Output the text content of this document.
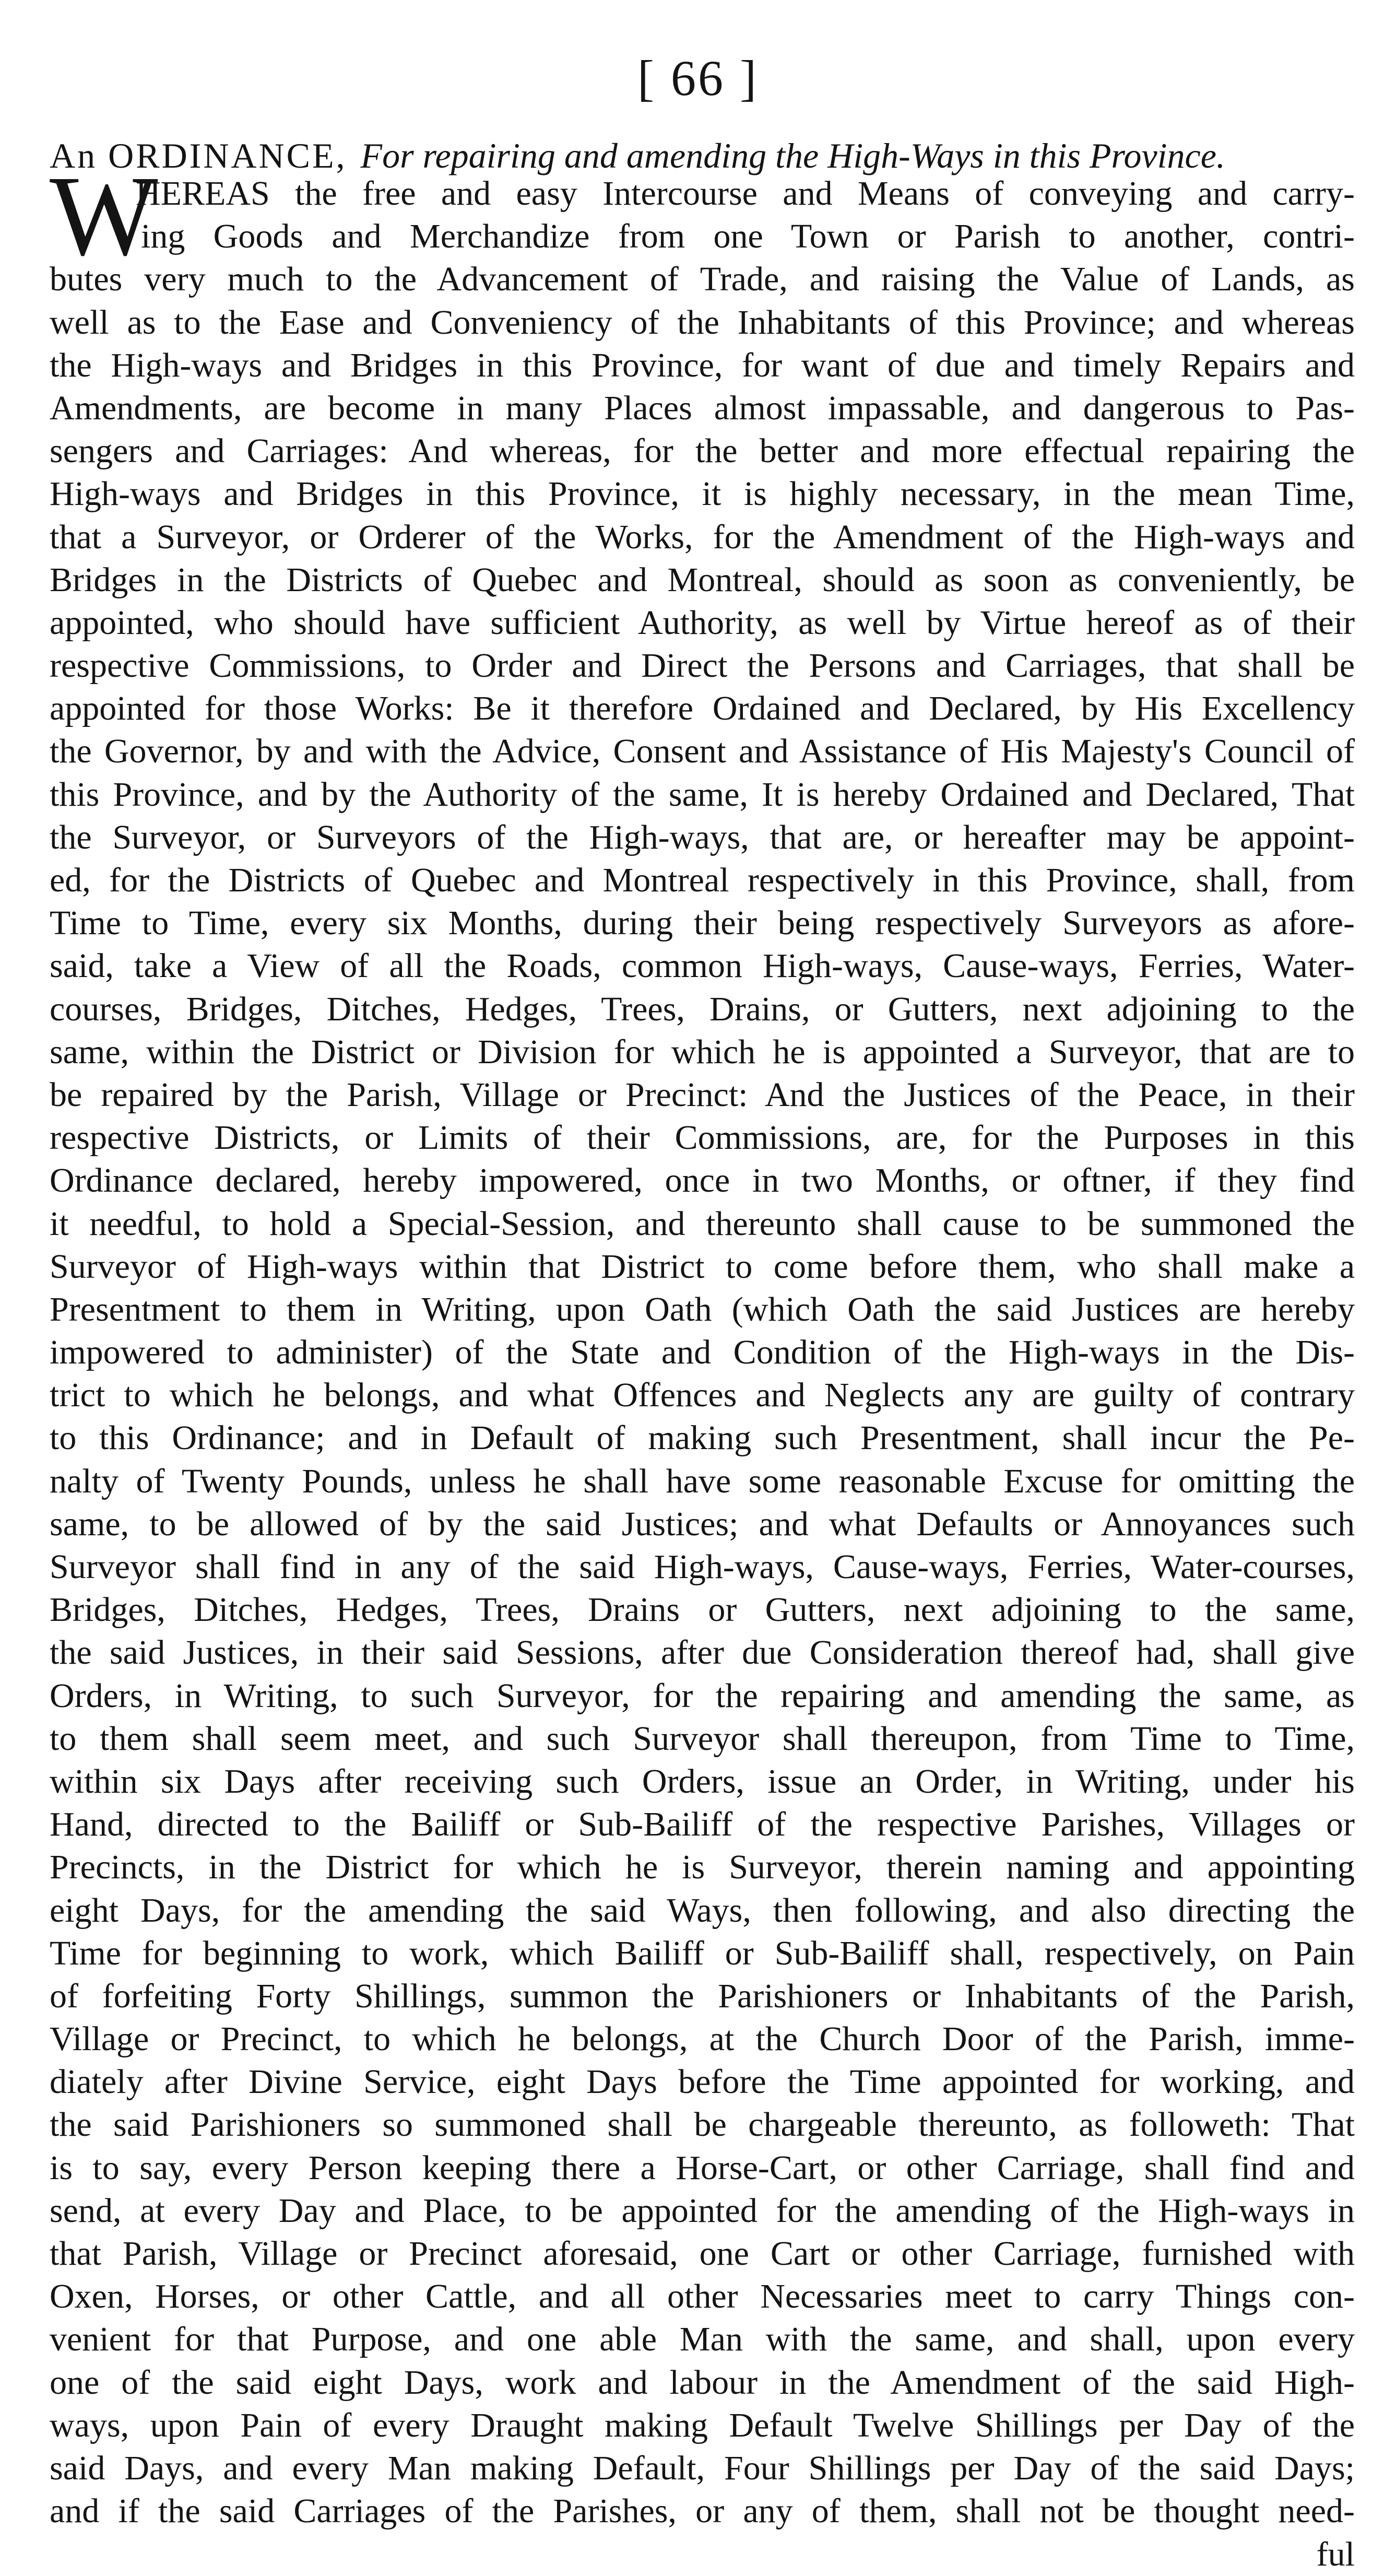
[ 66 ]
An ORDINANCE, For repairing and amending the High-Ways in this Province.
W
HEREAS the free and easy Intercourse and Means of conveying and carry-
ing Goods and Merchandize from one Town or Parish to another, contri-
butes very much to the Advancement of Trade, and raising the Value of Lands, as
well as to the Ease and Conveniency of the Inhabitants of this Province; and whereas
the High-ways and Bridges in this Province, for want of due and timely Repairs and
Amendments, are become in many Places almost impassable, and dangerous to Pas-
sengers and Carriages: And whereas, for the better and more effectual repairing the
High-ways and Bridges in this Province, it is highly necessary, in the mean Time,
that a Surveyor, or Orderer of the Works, for the Amendment of the High-ways and
Bridges in the Districts of Quebec and Montreal, should as soon as conveniently, be
appointed, who should have sufficient Authority, as well by Virtue hereof as of their
respective Commissions, to Order and Direct the Persons and Carriages, that shall be
appointed for those Works: Be it therefore Ordained and Declared, by His Excellency
the Governor, by and with the Advice, Consent and Assistance of His Majesty's Council of
this Province, and by the Authority of the same, It is hereby Ordained and Declared, That
the Surveyor, or Surveyors of the High-ways, that are, or hereafter may be appoint-
ed, for the Districts of Quebec and Montreal respectively in this Province, shall, from
Time to Time, every six Months, during their being respectively Surveyors as afore-
said, take a View of all the Roads, common High-ways, Cause-ways, Ferries, Water-
courses, Bridges, Ditches, Hedges, Trees, Drains, or Gutters, next adjoining to the
same, within the District or Division for which he is appointed a Surveyor, that are to
be repaired by the Parish, Village or Precinct: And the Justices of the Peace, in their
respective Districts, or Limits of their Commissions, are, for the Purposes in this
Ordinance declared, hereby impowered, once in two Months, or oftner, if they find
it needful, to hold a Special-Session, and thereunto shall cause to be summoned the
Surveyor of High-ways within that District to come before them, who shall make a
Presentment to them in Writing, upon Oath (which Oath the said Justices are hereby
impowered to administer) of the State and Condition of the High-ways in the Dis-
trict to which he belongs, and what Offences and Neglects any are guilty of contrary
to this Ordinance; and in Default of making such Presentment, shall incur the Pe-
nalty of Twenty Pounds, unless he shall have some reasonable Excuse for omitting the
same, to be allowed of by the said Justices; and what Defaults or Annoyances such
Surveyor shall find in any of the said High-ways, Cause-ways, Ferries, Water-courses,
Bridges, Ditches, Hedges, Trees, Drains or Gutters, next adjoining to the same,
the said Justices, in their said Sessions, after due Consideration thereof had, shall give
Orders, in Writing, to such Surveyor, for the repairing and amending the same, as
to them shall seem meet, and such Surveyor shall thereupon, from Time to Time,
within six Days after receiving such Orders, issue an Order, in Writing, under his
Hand, directed to the Bailiff or Sub-Bailiff of the respective Parishes, Villages or
Precincts, in the District for which he is Surveyor, therein naming and appointing
eight Days, for the amending the said Ways, then following, and also directing the
Time for beginning to work, which Bailiff or Sub-Bailiff shall, respectively, on Pain
of forfeiting Forty Shillings, summon the Parishioners or Inhabitants of the Parish,
Village or Precinct, to which he belongs, at the Church Door of the Parish, imme-
diately after Divine Service, eight Days before the Time appointed for working, and
the said Parishioners so summoned shall be chargeable thereunto, as followeth: That
is to say, every Person keeping there a Horse-Cart, or other Carriage, shall find and
send, at every Day and Place, to be appointed for the amending of the High-ways in
that Parish, Village or Precinct aforesaid, one Cart or other Carriage, furnished with
Oxen, Horses, or other Cattle, and all other Necessaries meet to carry Things con-
venient for that Purpose, and one able Man with the same, and shall, upon every
one of the said eight Days, work and labour in the Amendment of the said High-
ways, upon Pain of every Draught making Default Twelve Shillings per Day of the
said Days, and every Man making Default, Four Shillings per Day of the said Days;
and if the said Carriages of the Parishes, or any of them, shall not be thought need-
ful
